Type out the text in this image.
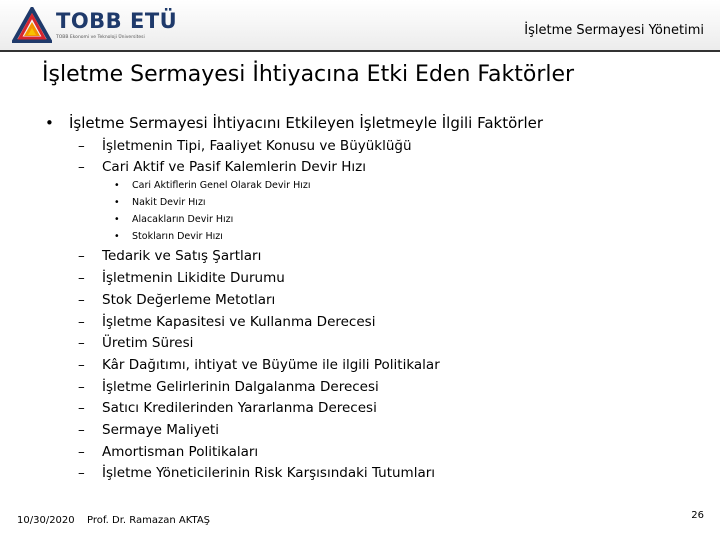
TOBB ETÜ
TOBB Ekonomi ve Teknoloji Üniversitesi	İşletme Sermayesi Yönetimi
İşletme Sermayesi İhtiyacına Etki Eden Faktörler
• İşletme Sermayesi İhtiyacını Etkileyen İşletmeyle İlgili Faktörler
– İşletmenin Tipi, Faaliyet Konusu ve Büyüklüğü
– Cari Aktif ve Pasif Kalemlerin Devir Hızı
• Cari Aktiflerin Genel Olarak Devir Hızı
• Nakit Devir Hızı
• Alacakların Devir Hızı
• Stokların Devir Hızı
– Tedarik ve Satış Şartları
– İşletmenin Likidite Durumu
– Stok Değerleme Metotları
– İşletme Kapasitesi ve Kullanma Derecesi
– Üretim Süresi
– Kâr Dağıtımı, ihtiyat ve Büyüme ile ilgili Politikalar
– İşletme Gelirlerinin Dalgalanma Derecesi
– Satıcı Kredilerinden Yararlanma Derecesi
– Sermaye Maliyeti
– Amortisman Politikaları
– İşletme Yöneticilerinin Risk Karşısındaki Tutumları
10/30/2020 Prof. Dr. Ramazan AKTAŞ	26
